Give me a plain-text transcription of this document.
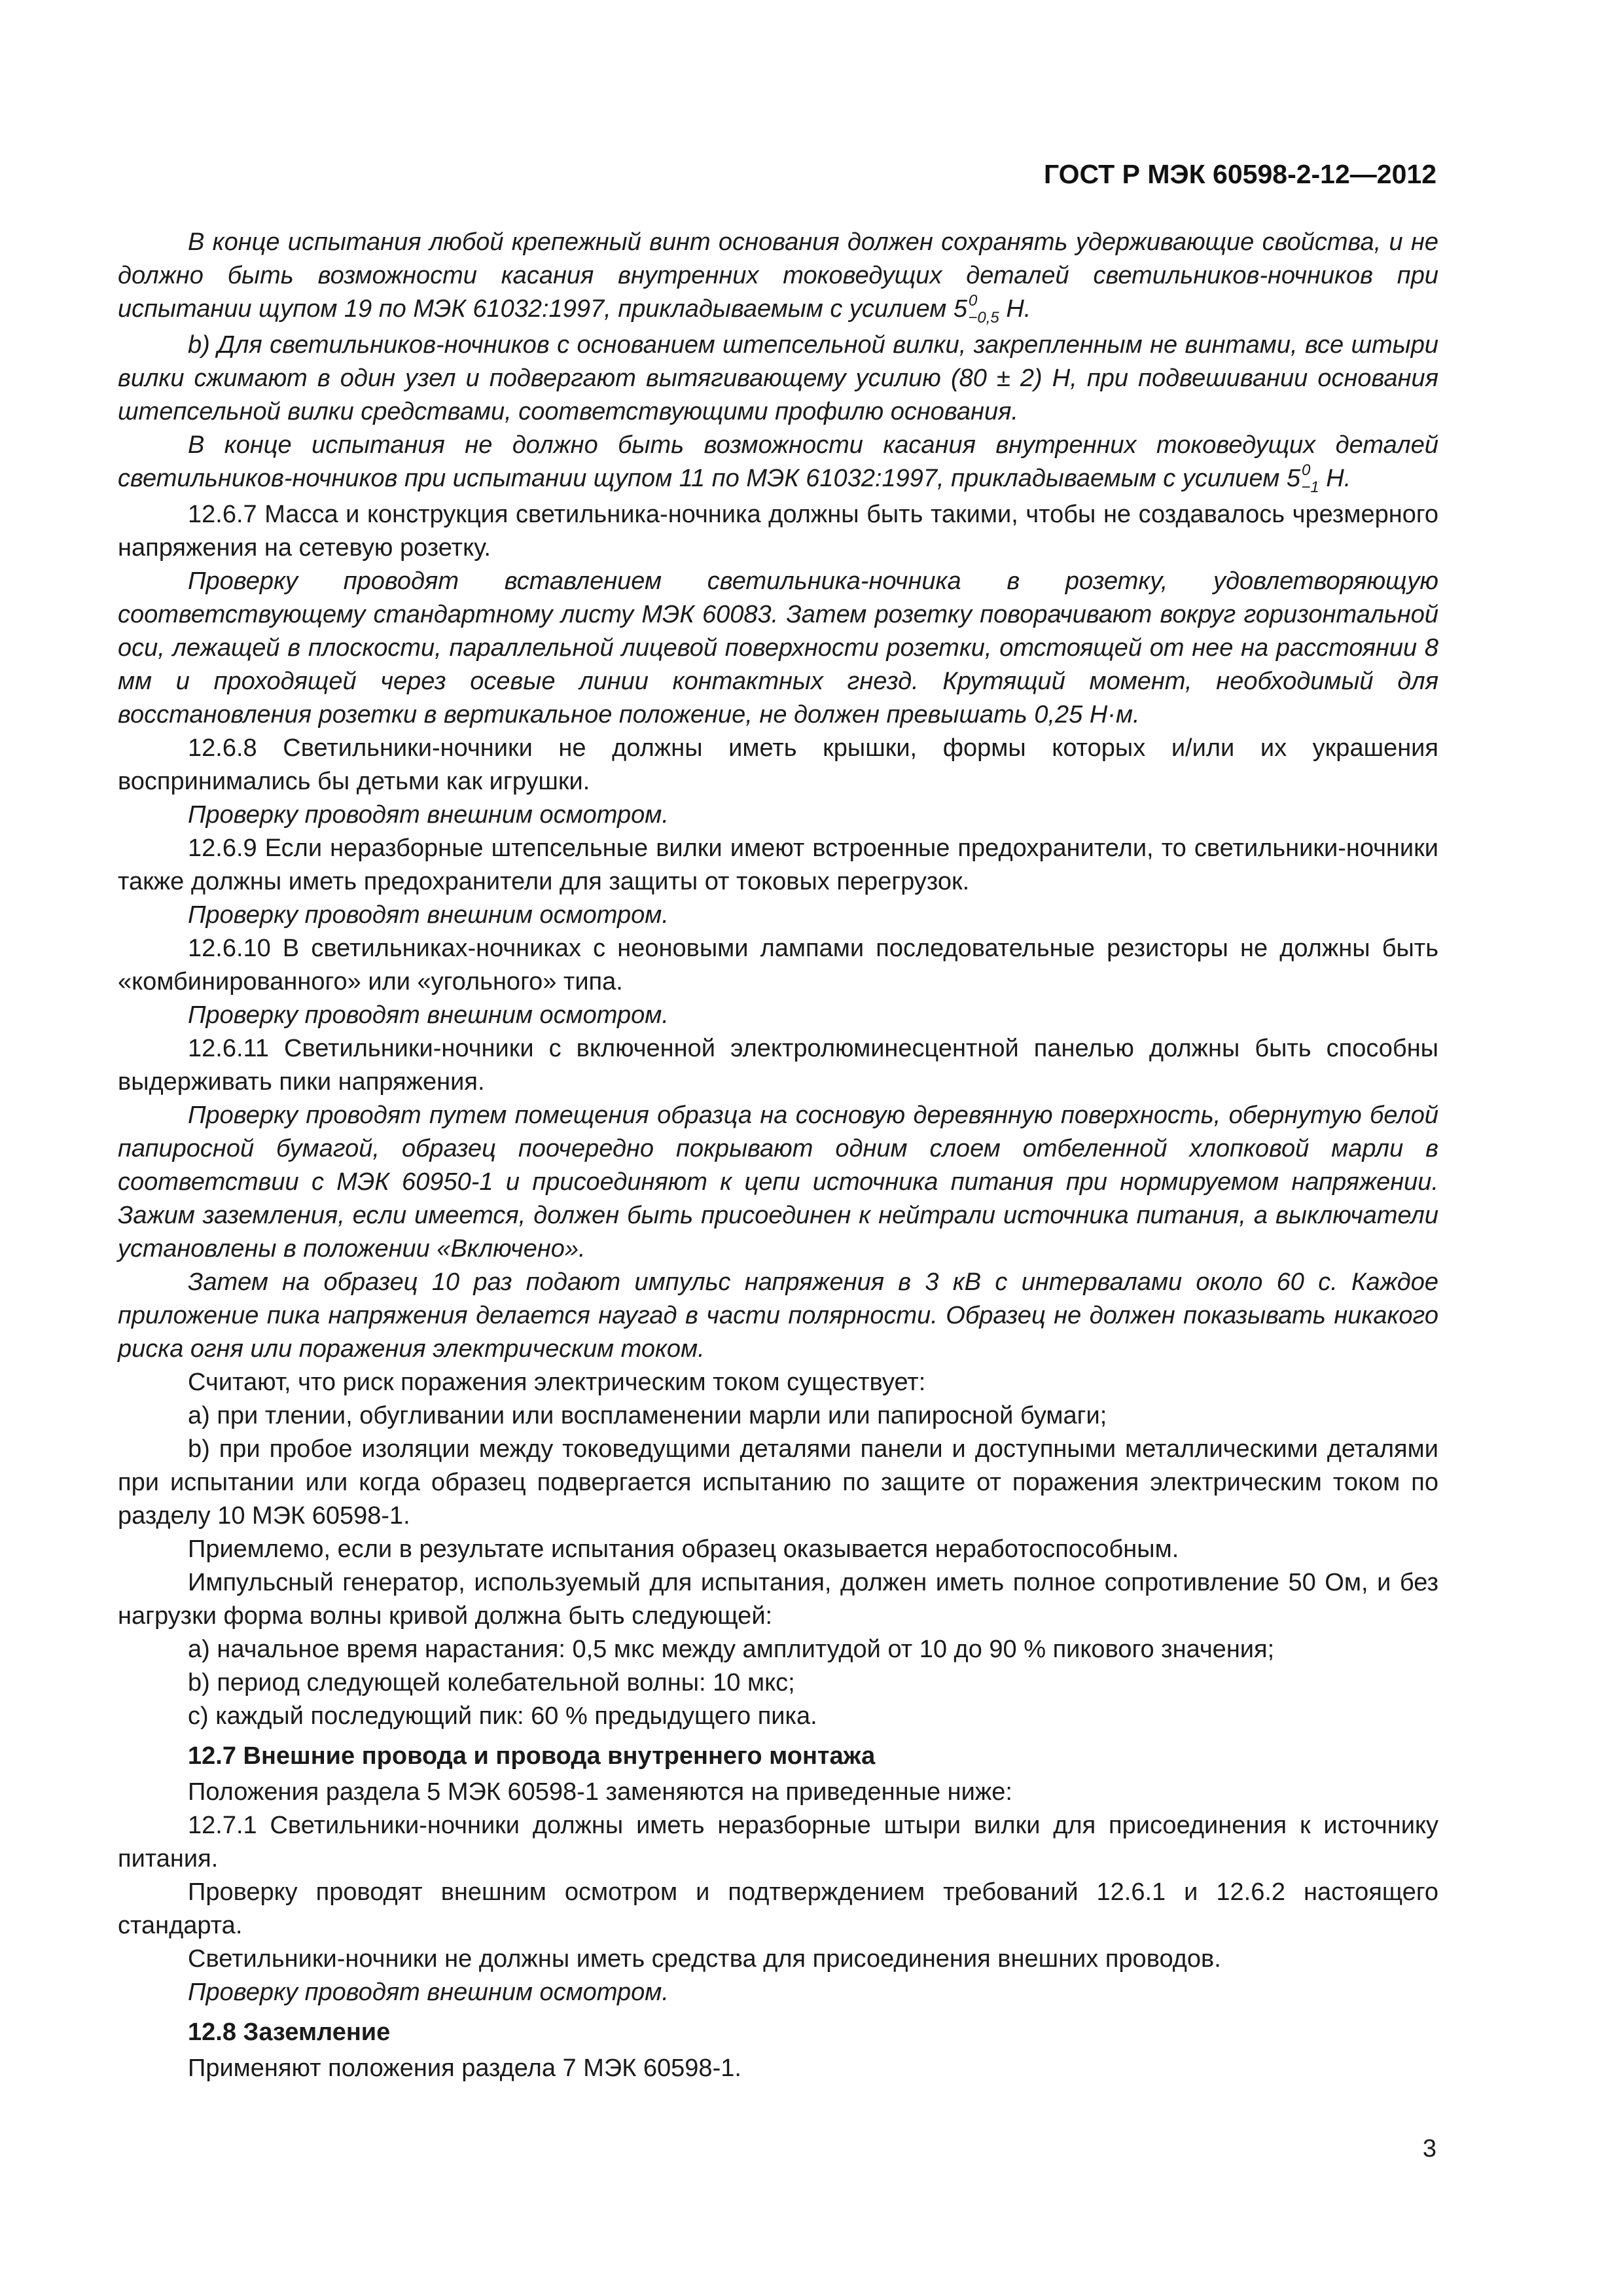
ГОСТ Р МЭК 60598-2-12—2012

В конце испытания любой крепежный винт основания должен сохранять удерживающие свойства, и не должно быть возможности касания внутренних токоведущих деталей светильников-ночников при испытании щупом 19 по МЭК 61032:1997, прикладываемым с усилием $5^0_{-0,5}$ Н.

b) Для светильников-ночников с основанием штепсельной вилки, закрепленным не винтами, все штыри вилки сжимают в один узел и подвергают вытягивающему усилию (80 ± 2) Н, при подвешивании основания штепсельной вилки средствами, соответствующими профилю основания.

В конце испытания не должно быть возможности касания внутренних токоведущих деталей светильников-ночников при испытании щупом 11 по МЭК 61032:1997, прикладываемым с усилием $5^0_{-1}$ Н.

12.6.7 Масса и конструкция светильника-ночника должны быть такими, чтобы не создавалось чрезмерного напряжения на сетевую розетку.

Проверку проводят вставлением светильника-ночника в розетку, удовлетворяющую соответствующему стандартному листу МЭК 60083. Затем розетку поворачивают вокруг горизонтальной оси, лежащей в плоскости, параллельной лицевой поверхности розетки, отстоящей от нее на расстоянии 8 мм и проходящей через осевые линии контактных гнезд. Крутящий момент, необходимый для восстановления розетки в вертикальное положение, не должен превышать 0,25 Н·м.

12.6.8 Светильники-ночники не должны иметь крышки, формы которых и/или их украшения воспринимались бы детьми как игрушки.

Проверку проводят внешним осмотром.

12.6.9 Если неразборные штепсельные вилки имеют встроенные предохранители, то светильники-ночники также должны иметь предохранители для защиты от токовых перегрузок.

Проверку проводят внешним осмотром.

12.6.10 В светильниках-ночниках с неоновыми лампами последовательные резисторы не должны быть «комбинированного» или «угольного» типа.

Проверку проводят внешним осмотром.

12.6.11 Светильники-ночники с включенной электролюминесцентной панелью должны быть способны выдерживать пики напряжения.

Проверку проводят путем помещения образца на сосновую деревянную поверхность, обернутую белой папиросной бумагой, образец поочередно покрывают одним слоем отбеленной хлопковой марли в соответствии с МЭК 60950-1 и присоединяют к цепи источника питания при нормируемом напряжении. Зажим заземления, если имеется, должен быть присоединен к нейтрали источника питания, а выключатели установлены в положении «Включено».

Затем на образец 10 раз подают импульс напряжения в 3 кВ с интервалами около 60 с. Каждое приложение пика напряжения делается наугад в части полярности. Образец не должен показывать никакого риска огня или поражения электрическим током.

Считают, что риск поражения электрическим током существует:

a) при тлении, обугливании или воспламенении марли или папиросной бумаги;

b) при пробое изоляции между токоведущими деталями панели и доступными металлическими деталями при испытании или когда образец подвергается испытанию по защите от поражения электрическим током по разделу 10 МЭК 60598-1.

Приемлемо, если в результате испытания образец оказывается неработоспособным.

Импульсный генератор, используемый для испытания, должен иметь полное сопротивление 50 Ом, и без нагрузки форма волны кривой должна быть следующей:

a) начальное время нарастания: 0,5 мкс между амплитудой от 10 до 90 % пикового значения;

b) период следующей колебательной волны: 10 мкс;

c) каждый последующий пик: 60 % предыдущего пика.

12.7 Внешние провода и провода внутреннего монтажа

Положения раздела 5 МЭК 60598-1 заменяются на приведенные ниже:

12.7.1 Светильники-ночники должны иметь неразборные штыри вилки для присоединения к источнику питания.

Проверку проводят внешним осмотром и подтверждением требований 12.6.1 и 12.6.2 настоящего стандарта.

Светильники-ночники не должны иметь средства для присоединения внешних проводов.

Проверку проводят внешним осмотром.

12.8 Заземление

Применяют положения раздела 7 МЭК 60598-1.

3
